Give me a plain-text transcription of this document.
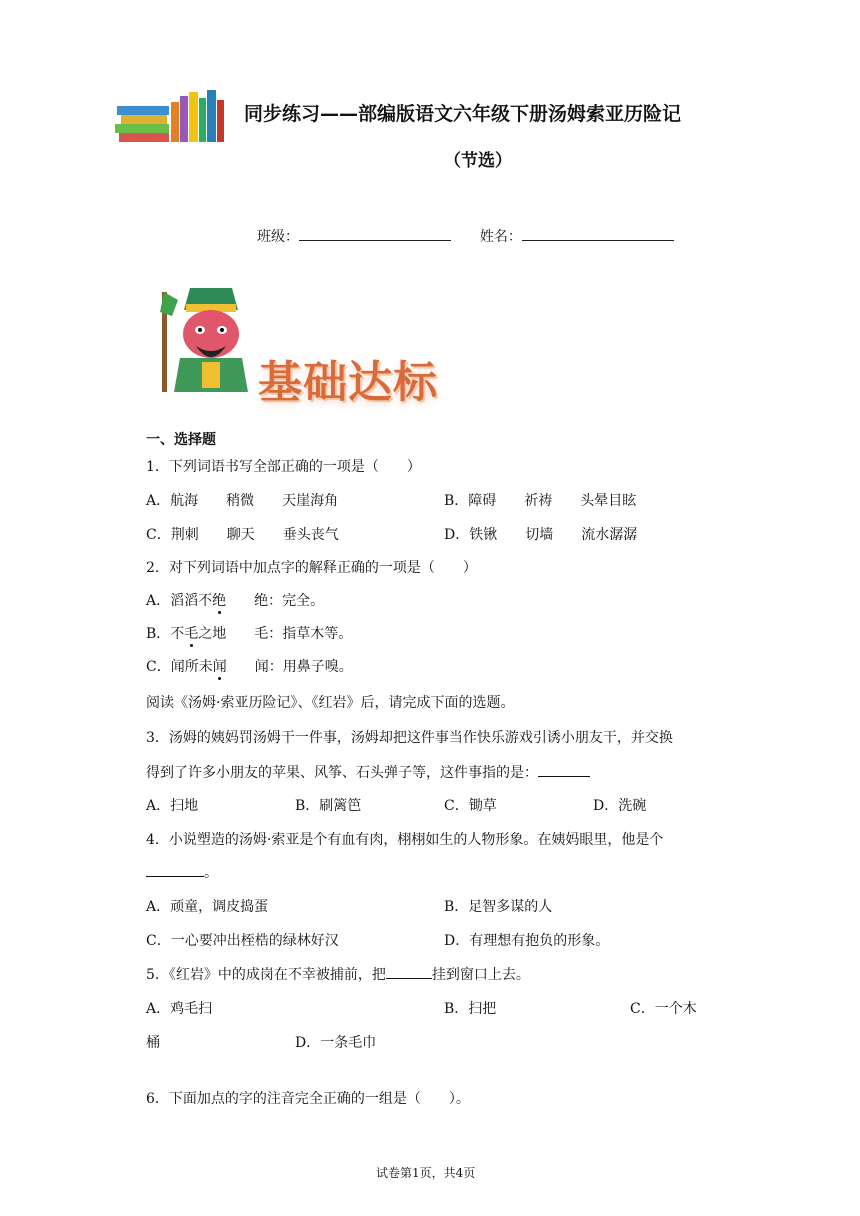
同步练习——部编版语文六年级下册汤姆索亚历险记
（节选）
班级：	姓名：
基础达标
一、选择题
1．下列词语书写全部正确的一项是（　　）
A．航海　　稍微　　天崖海角	B．障碍　　祈祷　　头晕目眩
C．荆刺　　聊天　　垂头丧气	D．铁锹　　切墙　　流水潺潺
2．对下列词语中加点字的解释正确的一项是（　　）
A．滔滔不绝　　绝：完全。
B．不毛之地　　毛：指草木等。
C．闻所未闻　　闻：用鼻子嗅。
阅读《汤姆·索亚历险记》、《红岩》后，请完成下面的选题。
3．汤姆的姨妈罚汤姆干一件事，汤姆却把这件事当作快乐游戏引诱小朋友干，并交换
得到了许多小朋友的苹果、风筝、石头弹子等，这件事指的是：
A．扫地	B．刷篱笆	C．锄草	D．洗碗
4．小说塑造的汤姆·索亚是个有血有肉，栩栩如生的人物形象。在姨妈眼里，他是个
。
A．顽童，调皮捣蛋	B．足智多谋的人
C．一心要冲出桎梏的绿林好汉	D．有理想有抱负的形象。
5．《红岩》中的成岗在不幸被捕前，把	挂到窗口上去。
A．鸡毛扫	B．扫把	C．一个木
桶	D．一条毛巾
6．下面加点的字的注音完全正确的一组是（　　）。
试卷第1页，共4页
